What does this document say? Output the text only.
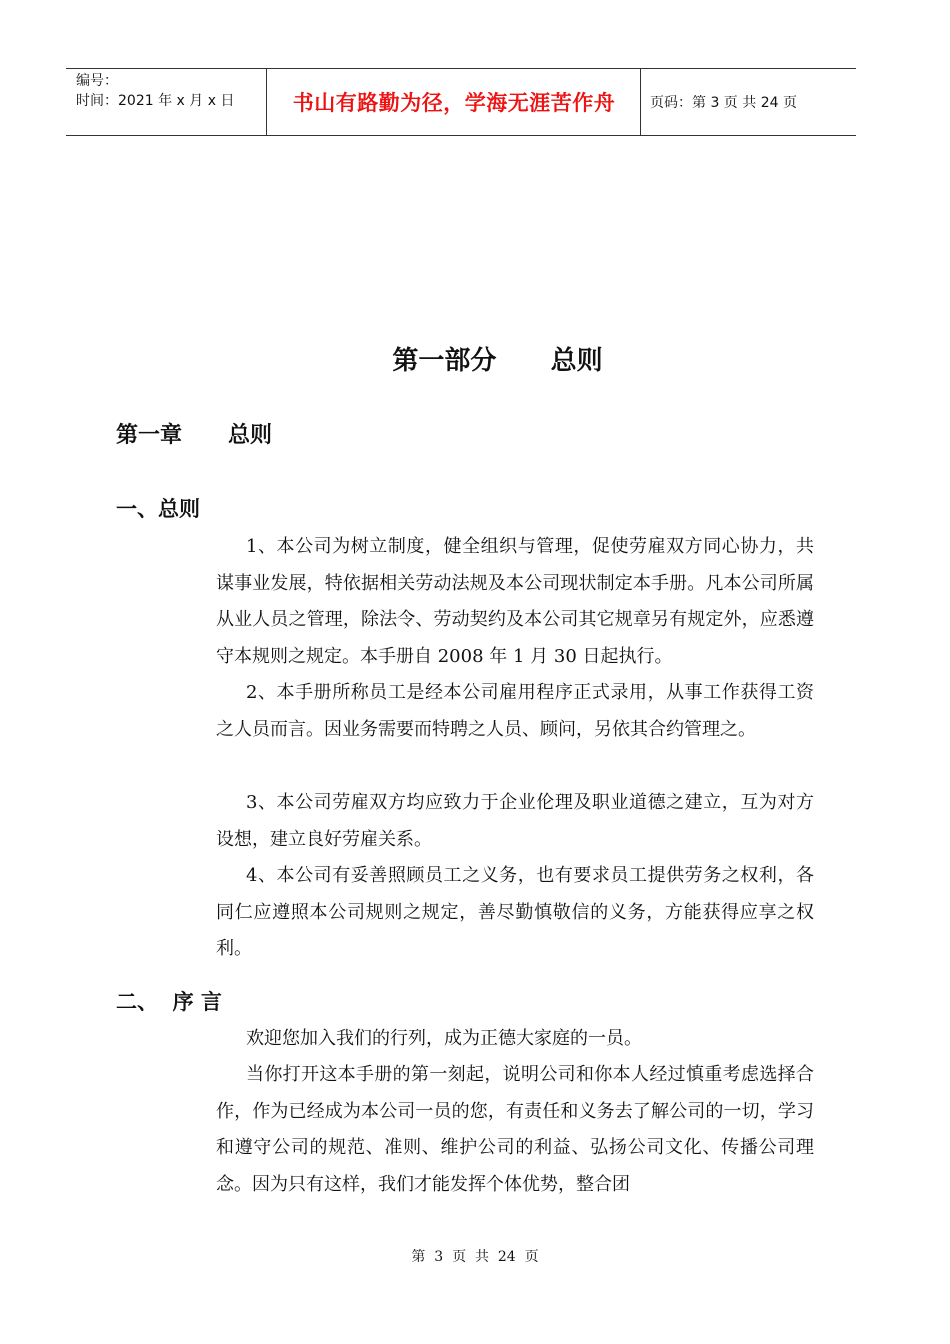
编号：
时间：2021 年 x 月 x 日	书山有路勤为径，学海无涯苦作舟	页码：第 3 页 共 24 页
第一部分      总则
第一章      总则
一、总则

1、本公司为树立制度，健全组织与管理，促使劳雇双方同心协力，共谋事业发展，特依据相关劳动法规及本公司现状制定本手册。凡本公司所属从业人员之管理，除法令、劳动契约及本公司其它规章另有规定外，应悉遵守本规则之规定。本手册自 2008 年 1 月 30 日起执行。

2、本手册所称员工是经本公司雇用程序正式录用，从事工作获得工资之人员而言。因业务需要而特聘之人员、顾问，另依其合约管理之。

3、本公司劳雇双方均应致力于企业伦理及职业道德之建立，互为对方设想，建立良好劳雇关系。

4、本公司有妥善照顾员工之义务，也有要求员工提供劳务之权利，各同仁应遵照本公司规则之规定，善尽勤慎敬信的义务，方能获得应享之权利。

二、  序 言

欢迎您加入我们的行列，成为正德大家庭的一员。

当你打开这本手册的第一刻起，说明公司和你本人经过慎重考虑选择合作，作为已经成为本公司一员的您，有责任和义务去了解公司的一切，学习和遵守公司的规范、准则、维护公司的利益、弘扬公司文化、传播公司理念。因为只有这样，我们才能发挥个体优势，整合团

第  3  页  共  24  页
